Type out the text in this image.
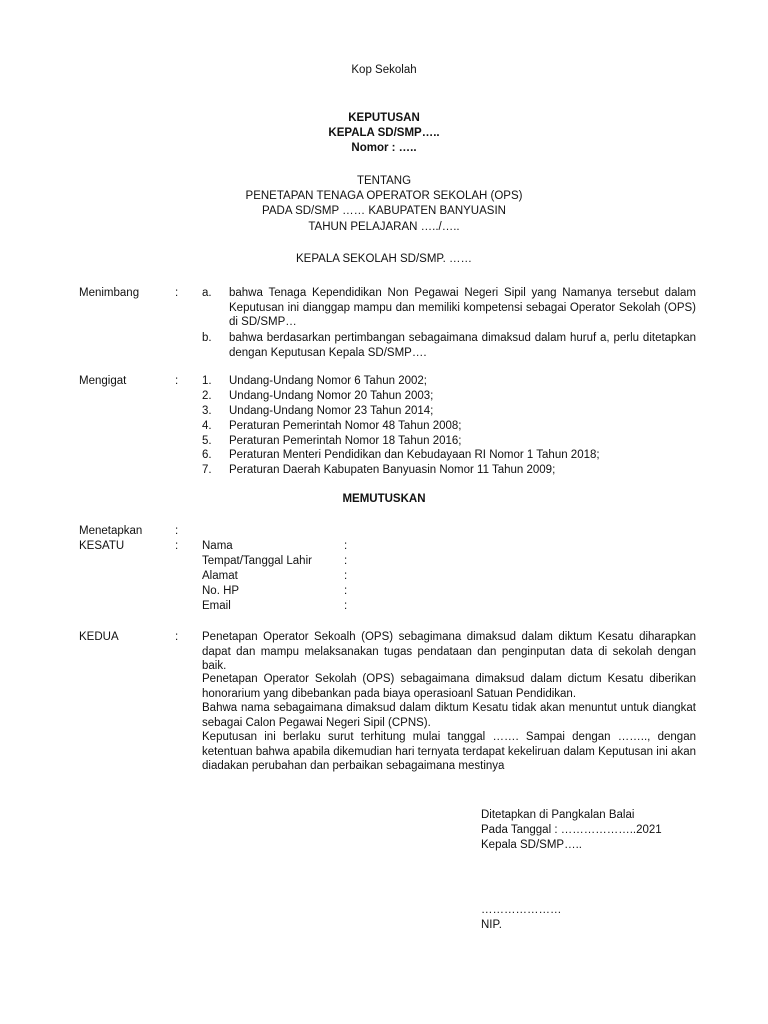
Kop Sekolah
KEPUTUSAN
KEPALA SD/SMP…..
Nomor : …..
TENTANG
PENETAPAN TENAGA OPERATOR SEKOLAH (OPS)
PADA SD/SMP …… KABUPATEN BANYUASIN
TAHUN PELAJARAN …../…..
KEPALA SEKOLAH SD/SMP. ……
Menimbang	: a. bahwa Tenaga Kependidikan Non Pegawai Negeri Sipil yang Namanya tersebut dalam Keputusan ini dianggap mampu dan memiliki kompetensi sebagai Operator Sekolah (OPS) di SD/SMP…
b. bahwa berdasarkan pertimbangan sebagaimana dimaksud dalam huruf a, perlu ditetapkan dengan Keputusan Kepala SD/SMP….
Mengigat	: 1. Undang-Undang Nomor 6 Tahun 2002;
2. Undang-Undang Nomor 20 Tahun 2003;
3. Undang-Undang Nomor 23 Tahun 2014;
4. Peraturan Pemerintah Nomor 48 Tahun 2008;
5. Peraturan Pemerintah Nomor 18 Tahun 2016;
6. Peraturan Menteri Pendidikan dan Kebudayaan RI Nomor 1 Tahun 2018;
7. Peraturan Daerah Kabupaten Banyuasin Nomor 11 Tahun 2009;
MEMUTUSKAN
Menetapkan	:
KESATU	: Nama	:
Tempat/Tanggal Lahir	:
Alamat	:
No. HP	:
Email	:
KEDUA	: Penetapan Operator Sekoalh (OPS) sebagimana dimaksud dalam diktum Kesatu diharapkan dapat dan mampu melaksanakan tugas pendataan dan penginputan data di sekolah dengan baik.
Penetapan Operator Sekolah (OPS) sebagaimana dimaksud dalam dictum Kesatu diberikan honorarium yang dibebankan pada biaya operasioanl Satuan Pendidikan.
Bahwa nama sebagaimana dimaksud dalam diktum Kesatu tidak akan menuntut untuk diangkat sebagai Calon Pegawai Negeri Sipil (CPNS).
Keputusan ini berlaku surut terhitung mulai tanggal ……. Sampai dengan …….., dengan ketentuan bahwa apabila dikemudian hari ternyata terdapat kekeliruan dalam Keputusan ini akan diadakan perubahan dan perbaikan sebagaimana mestinya
Ditetapkan di Pangkalan Balai
Pada Tanggal : ………………..2021
Kepala SD/SMP…..
…………………
NIP.
